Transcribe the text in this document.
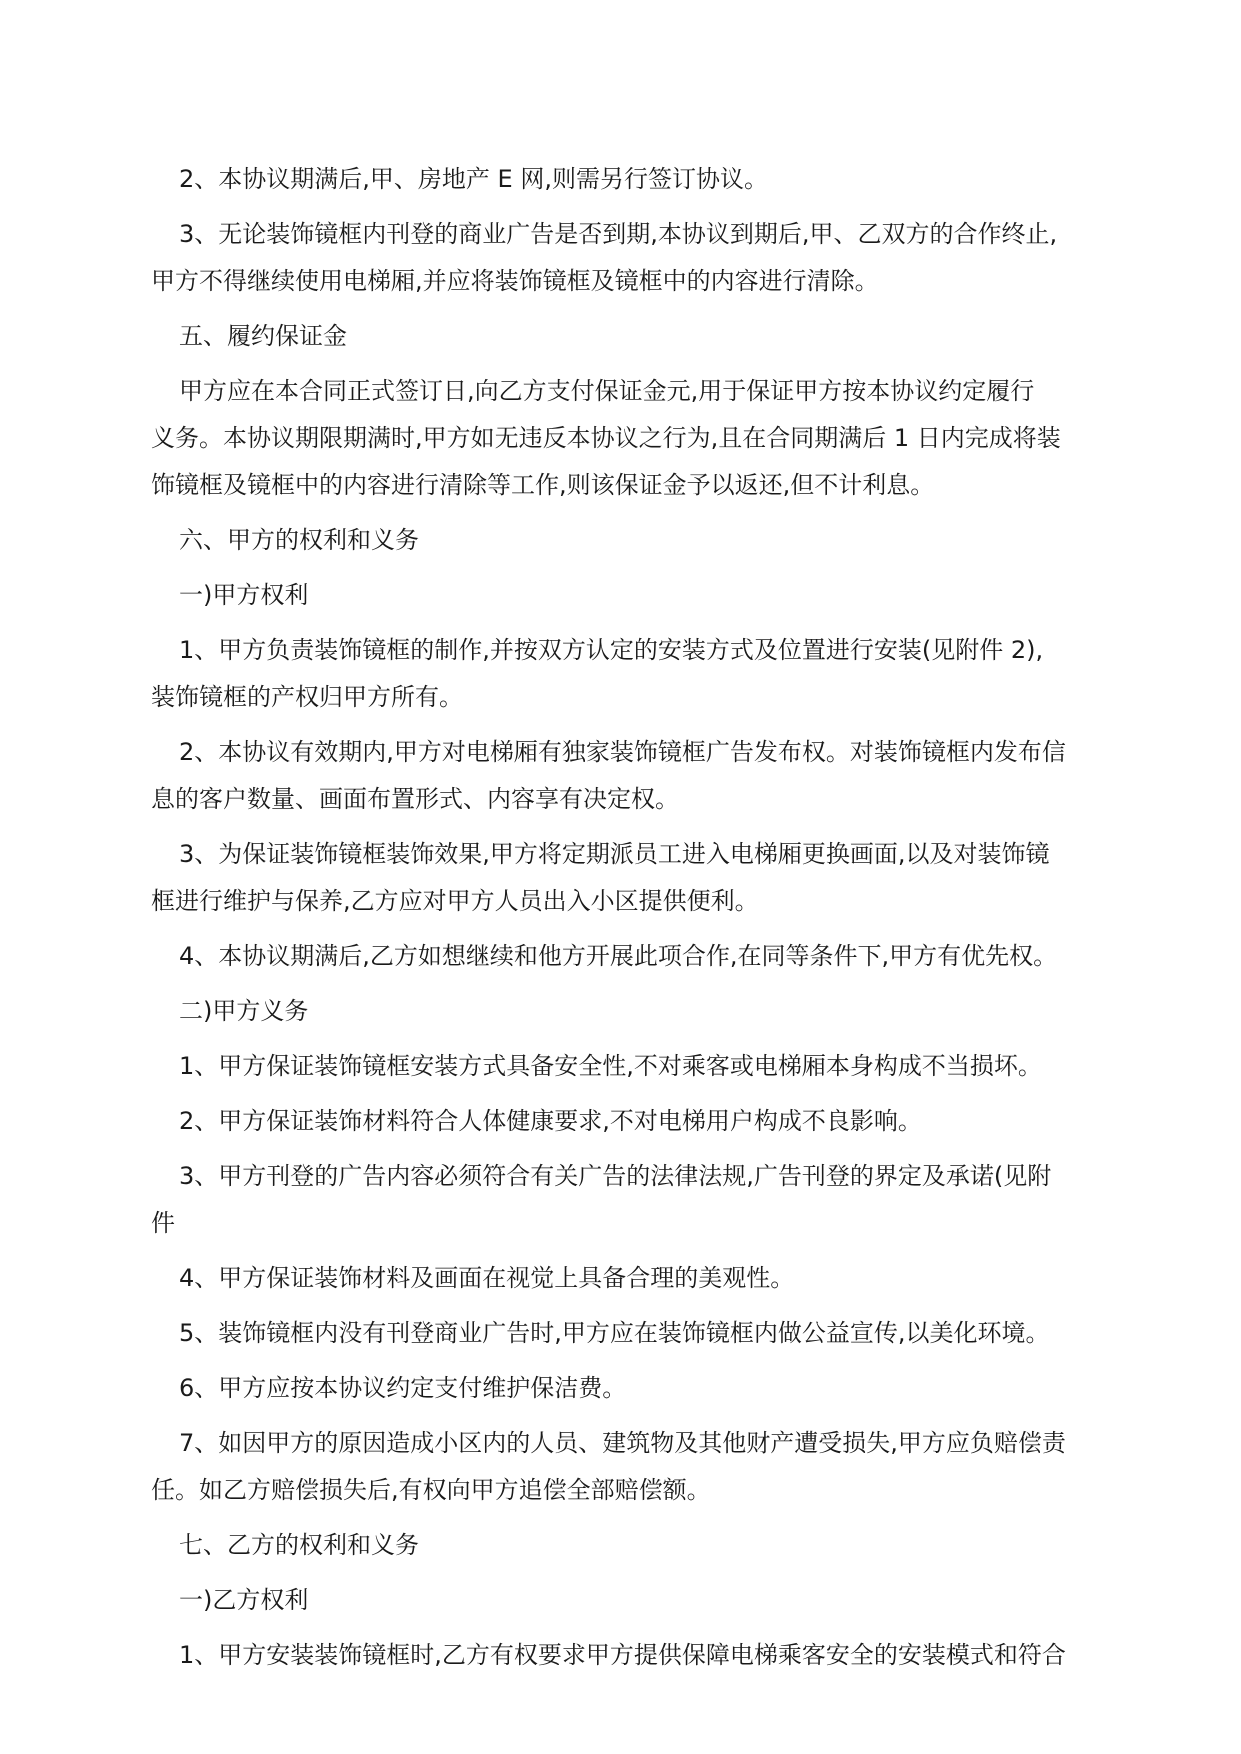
2、本协议期满后,甲、房地产 E 网,则需另行签订协议。
3、无论装饰镜框内刊登的商业广告是否到期,本协议到期后,甲、乙双方的合作终止,
甲方不得继续使用电梯厢,并应将装饰镜框及镜框中的内容进行清除。
五、履约保证金
甲方应在本合同正式签订日,向乙方支付保证金元,用于保证甲方按本协议约定履行
义务。本协议期限期满时,甲方如无违反本协议之行为,且在合同期满后 1 日内完成将装
饰镜框及镜框中的内容进行清除等工作,则该保证金予以返还,但不计利息。
六、甲方的权利和义务
一)甲方权利
1、甲方负责装饰镜框的制作,并按双方认定的安装方式及位置进行安装(见附件 2),
装饰镜框的产权归甲方所有。
2、本协议有效期内,甲方对电梯厢有独家装饰镜框广告发布权。对装饰镜框内发布信
息的客户数量、画面布置形式、内容享有决定权。
3、为保证装饰镜框装饰效果,甲方将定期派员工进入电梯厢更换画面,以及对装饰镜
框进行维护与保养,乙方应对甲方人员出入小区提供便利。
4、本协议期满后,乙方如想继续和他方开展此项合作,在同等条件下,甲方有优先权。
二)甲方义务
1、甲方保证装饰镜框安装方式具备安全性,不对乘客或电梯厢本身构成不当损坏。
2、甲方保证装饰材料符合人体健康要求,不对电梯用户构成不良影响。
3、甲方刊登的广告内容必须符合有关广告的法律法规,广告刊登的界定及承诺(见附
件
4、甲方保证装饰材料及画面在视觉上具备合理的美观性。
5、装饰镜框内没有刊登商业广告时,甲方应在装饰镜框内做公益宣传,以美化环境。
6、甲方应按本协议约定支付维护保洁费。
7、如因甲方的原因造成小区内的人员、建筑物及其他财产遭受损失,甲方应负赔偿责
任。如乙方赔偿损失后,有权向甲方追偿全部赔偿额。
七、乙方的权利和义务
一)乙方权利
1、甲方安装装饰镜框时,乙方有权要求甲方提供保障电梯乘客安全的安装模式和符合
